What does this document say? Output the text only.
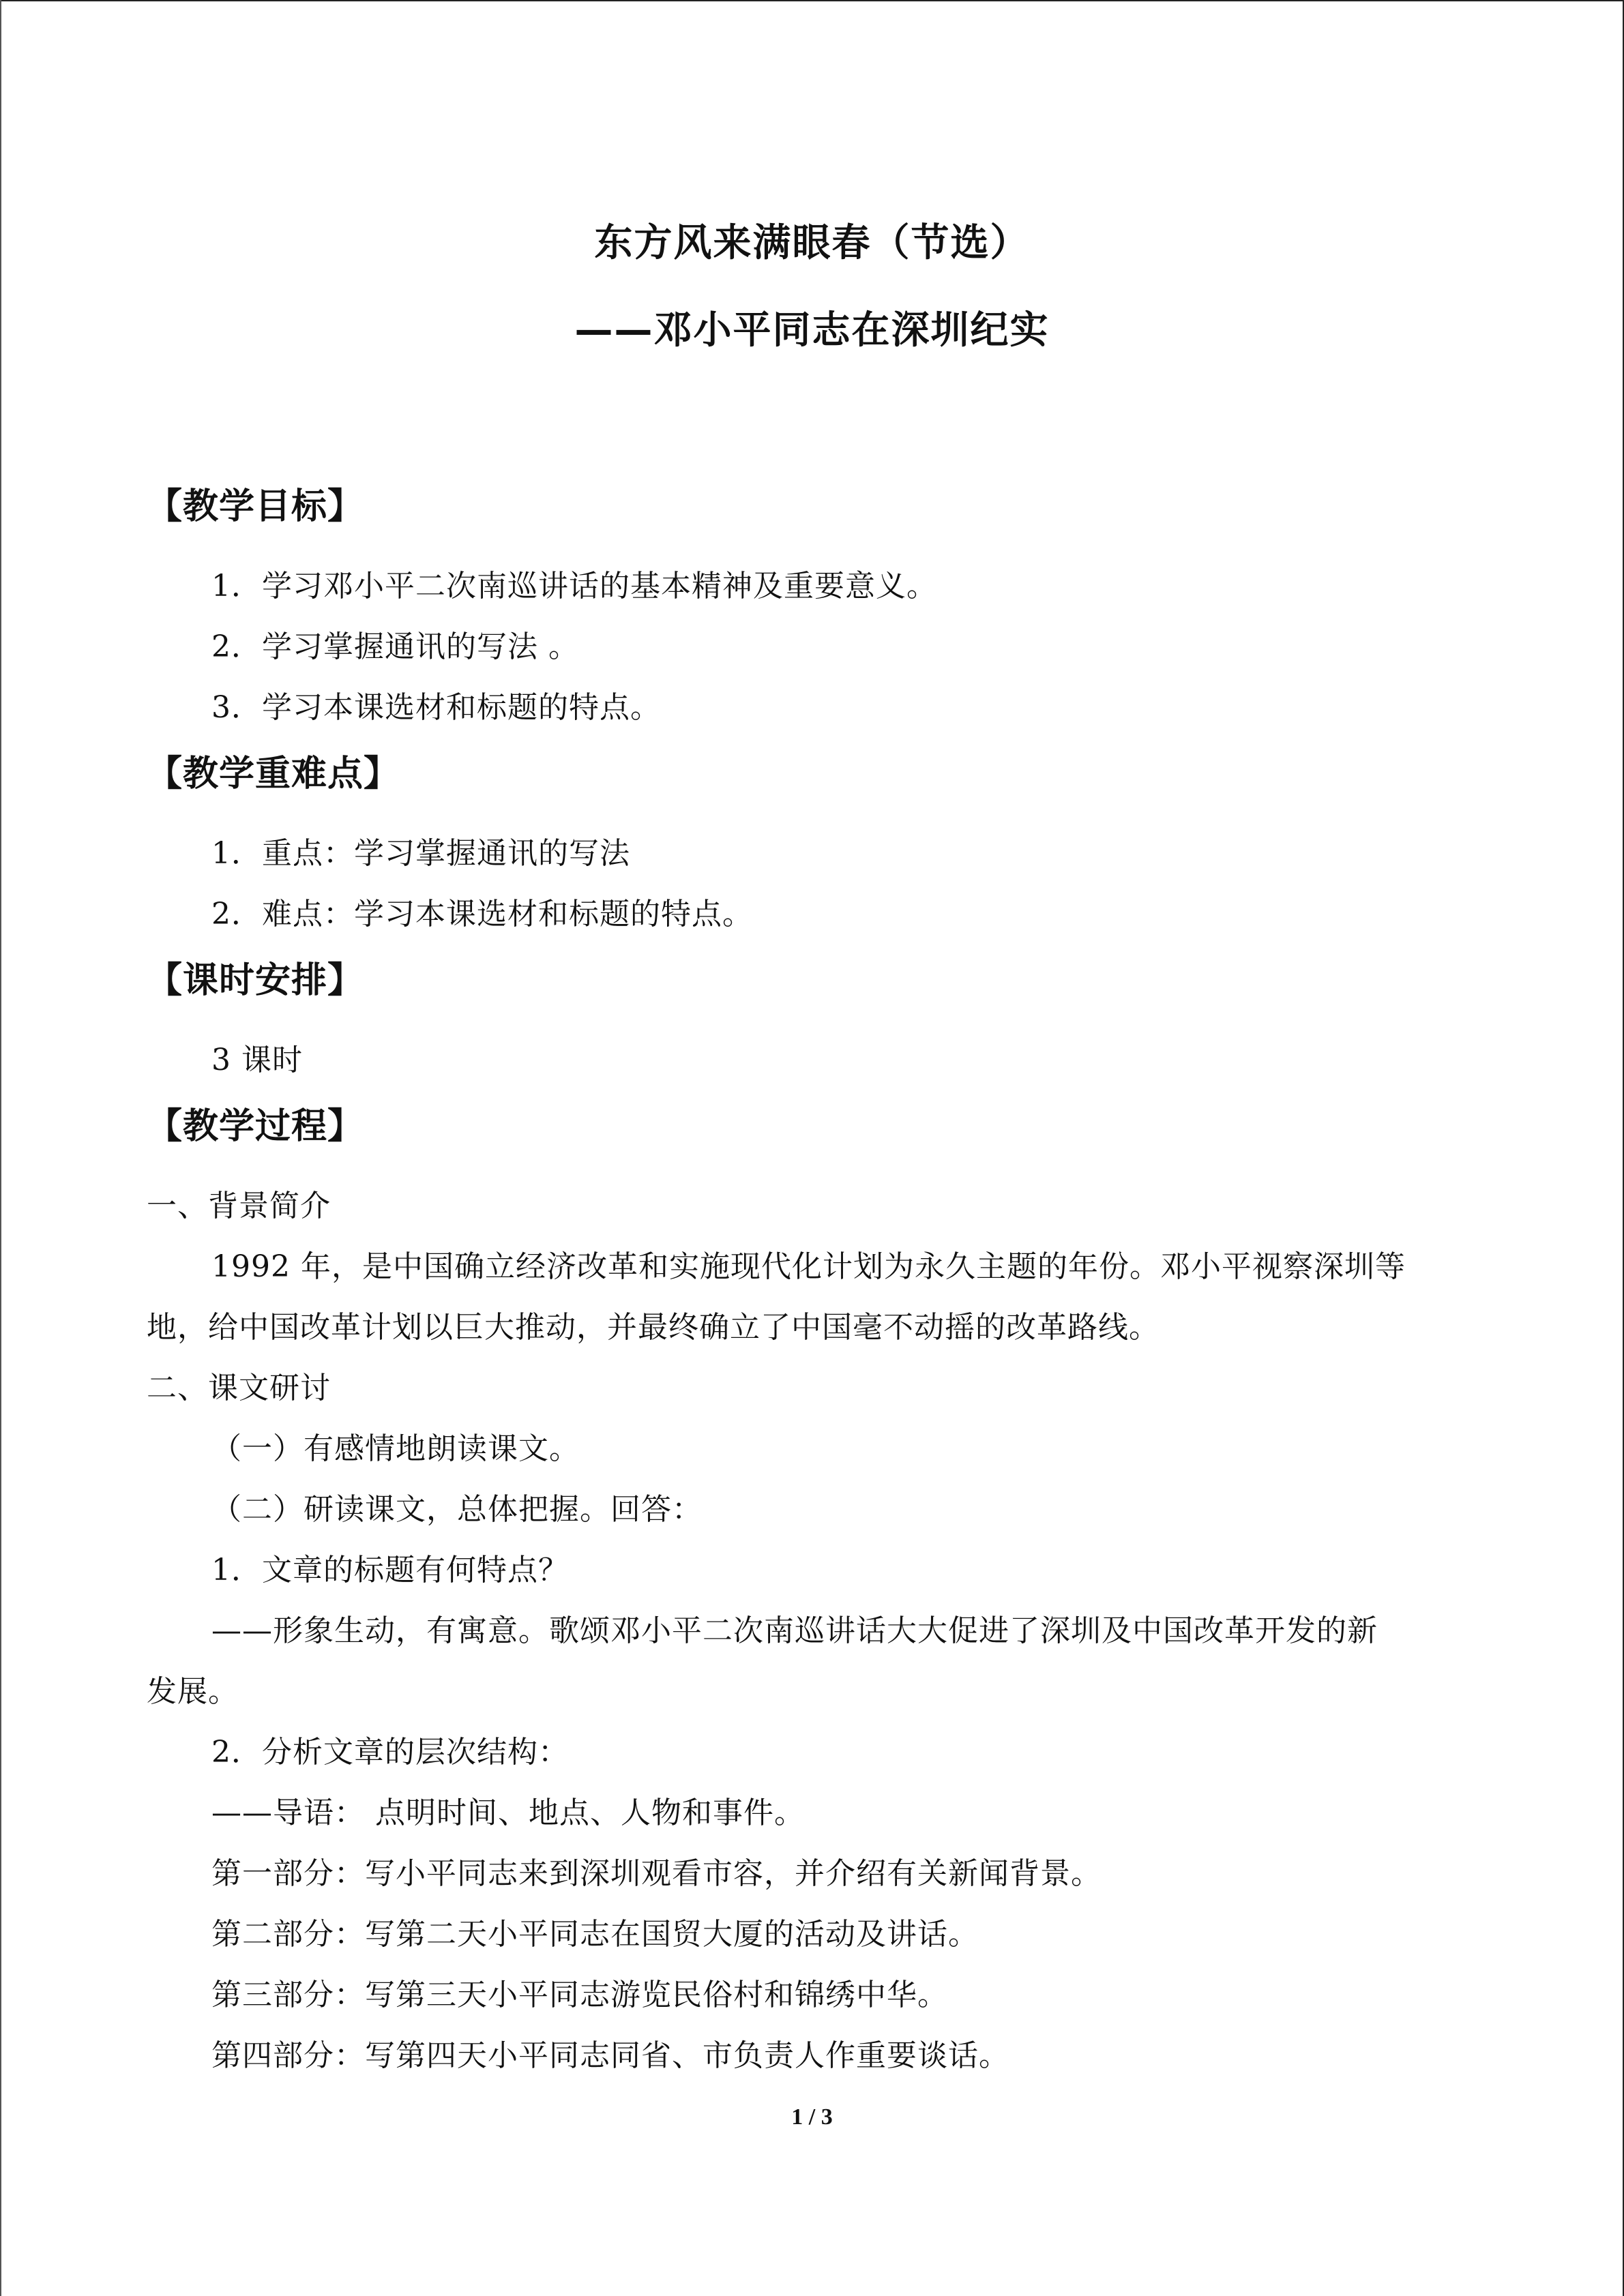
东方风来满眼春（节选）
——邓小平同志在深圳纪实
【教学目标】
1．学习邓小平二次南巡讲话的基本精神及重要意义。
2．学习掌握通讯的写法 。
3．学习本课选材和标题的特点。
【教学重难点】
1．重点：学习掌握通讯的写法
2．难点：学习本课选材和标题的特点。
【课时安排】
3 课时
【教学过程】
一、背景简介
1992 年，是中国确立经济改革和实施现代化计划为永久主题的年份。邓小平视察深圳等
地，给中国改革计划以巨大推动，并最终确立了中国毫不动摇的改革路线。
二、课文研讨
（一）有感情地朗读课文。
（二）研读课文，总体把握。回答：
1．文章的标题有何特点？
——形象生动，有寓意。歌颂邓小平二次南巡讲话大大促进了深圳及中国改革开发的新
发展。
2．分析文章的层次结构：
——导语： 点明时间、地点、人物和事件。
第一部分：写小平同志来到深圳观看市容，并介绍有关新闻背景。
第二部分：写第二天小平同志在国贸大厦的活动及讲话。
第三部分：写第三天小平同志游览民俗村和锦绣中华。
第四部分：写第四天小平同志同省、市负责人作重要谈话。
1 / 3
